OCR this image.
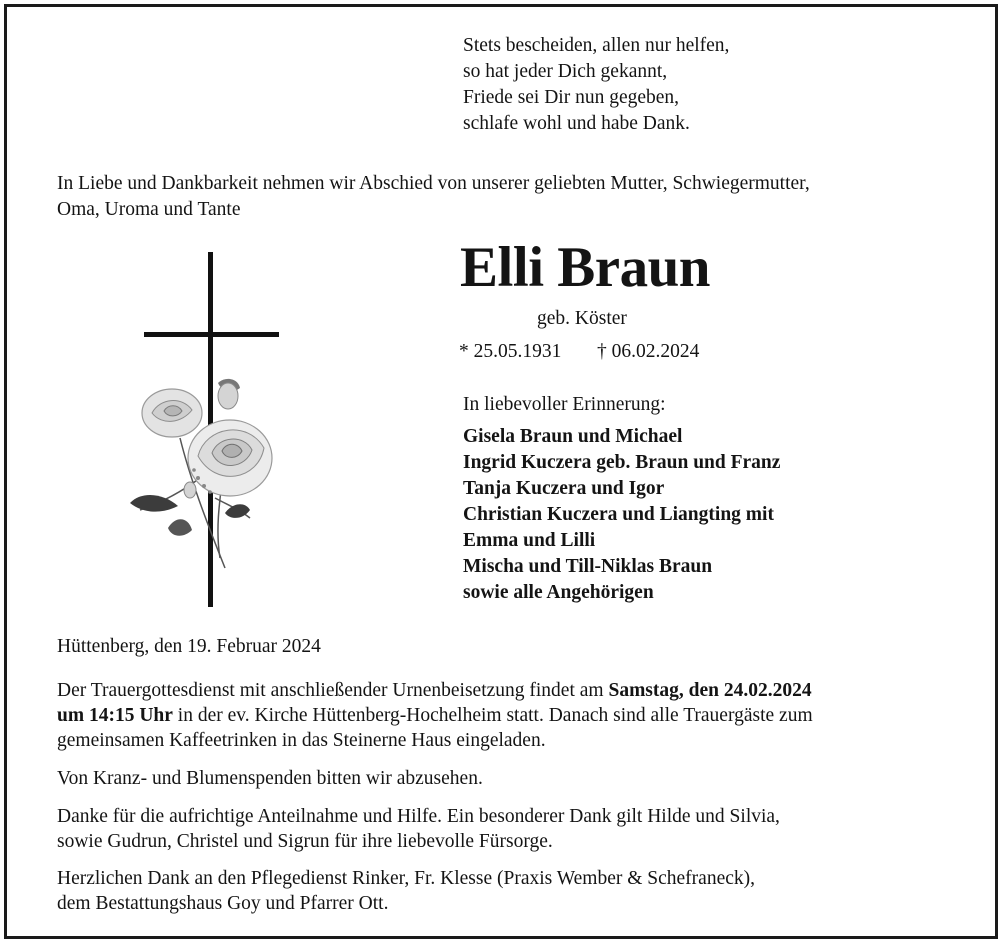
Stets bescheiden, allen nur helfen,
so hat jeder Dich gekannt,
Friede sei Dir nun gegeben,
schlafe wohl und habe Dank.
In Liebe und Dankbarkeit nehmen wir Abschied von unserer geliebten Mutter, Schwiegermutter,
Oma, Uroma und Tante
Elli Braun
geb. Köster
* 25.05.1931 † 06.02.2024
In liebevoller Erinnerung:
Gisela Braun und Michael
Ingrid Kuczera geb. Braun und Franz
Tanja Kuczera und Igor
Christian Kuczera und Liangting mit
Emma und Lilli
Mischa und Till-Niklas Braun
sowie alle Angehörigen
Hüttenberg, den 19. Februar 2024
Der Trauergottesdienst mit anschließender Urnenbeisetzung findet am Samstag, den 24.02.2024
um 14:15 Uhr in der ev. Kirche Hüttenberg-Hochelheim statt. Danach sind alle Trauergäste zum
gemeinsamen Kaffeetrinken in das Steinerne Haus eingeladen.
Von Kranz- und Blumenspenden bitten wir abzusehen.
Danke für die aufrichtige Anteilnahme und Hilfe. Ein besonderer Dank gilt Hilde und Silvia,
sowie Gudrun, Christel und Sigrun für ihre liebevolle Fürsorge.
Herzlichen Dank an den Pflegedienst Rinker, Fr. Klesse (Praxis Wember & Schefraneck),
dem Bestattungshaus Goy und Pfarrer Ott.
